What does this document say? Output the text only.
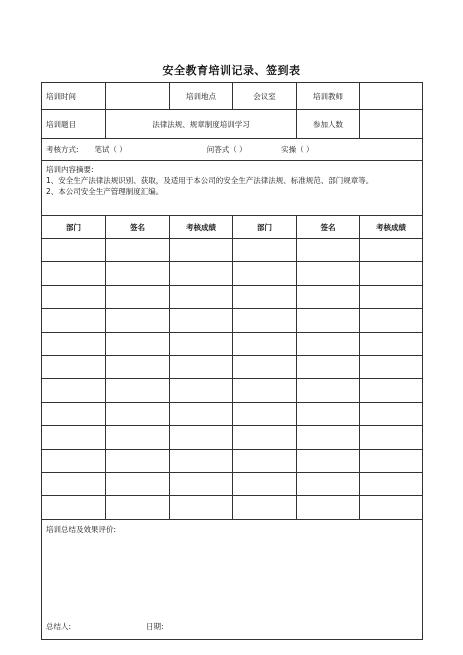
安全教育培训记录、签到表
培训时间		培训地点	会议室	培训教师	
培训题目	法律法规、规章制度培训学习			参加人数	
考核方式: 笔试（ ） 问答式（ ） 实操（ ）					

培训内容摘要:
1、安全生产法律法规识别、获取，及适用于本公司的安全生产法律法规、标准规范、部门规章等。
2、本公司安全生产管理制度汇编。					

部门	签名	考核成绩	部门	签名	考核成绩

培训总结及效果评价:
总结人: 日期:					
